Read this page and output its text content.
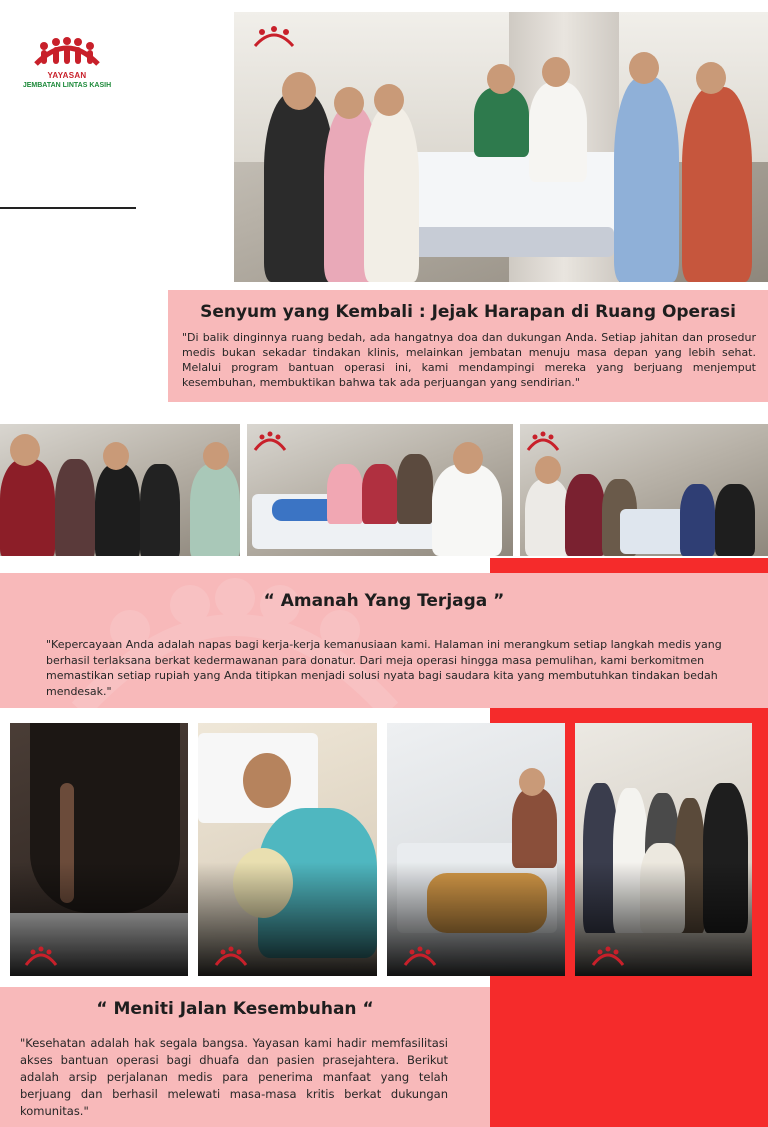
YAYASAN
JEMBATAN LINTAS KASIH
Senyum yang Kembali : Jejak Harapan di Ruang Operasi

"Di balik dinginnya ruang bedah, ada hangatnya doa dan dukungan Anda. Setiap jahitan dan prosedur medis bukan sekadar tindakan klinis, melainkan jembatan menuju masa depan yang lebih sehat. Melalui program bantuan operasi ini, kami mendampingi mereka yang berjuang menjemput kesembuhan, membuktikan bahwa tak ada perjuangan yang sendirian."

“ Amanah Yang Terjaga ”

"Kepercayaan Anda adalah napas bagi kerja-kerja kemanusiaan kami. Halaman ini merangkum setiap langkah medis yang berhasil terlaksana berkat kedermawanan para donatur. Dari meja operasi hingga masa pemulihan, kami berkomitmen memastikan setiap rupiah yang Anda titipkan menjadi solusi nyata bagi saudara kita yang membutuhkan tindakan bedah mendesak."

“ Meniti Jalan Kesembuhan “

"Kesehatan adalah hak segala bangsa. Yayasan kami hadir memfasilitasi akses bantuan operasi bagi dhuafa dan pasien prasejahtera. Berikut adalah arsip perjalanan medis para penerima manfaat yang telah berjuang dan berhasil melewati masa-masa kritis berkat dukungan komunitas."
